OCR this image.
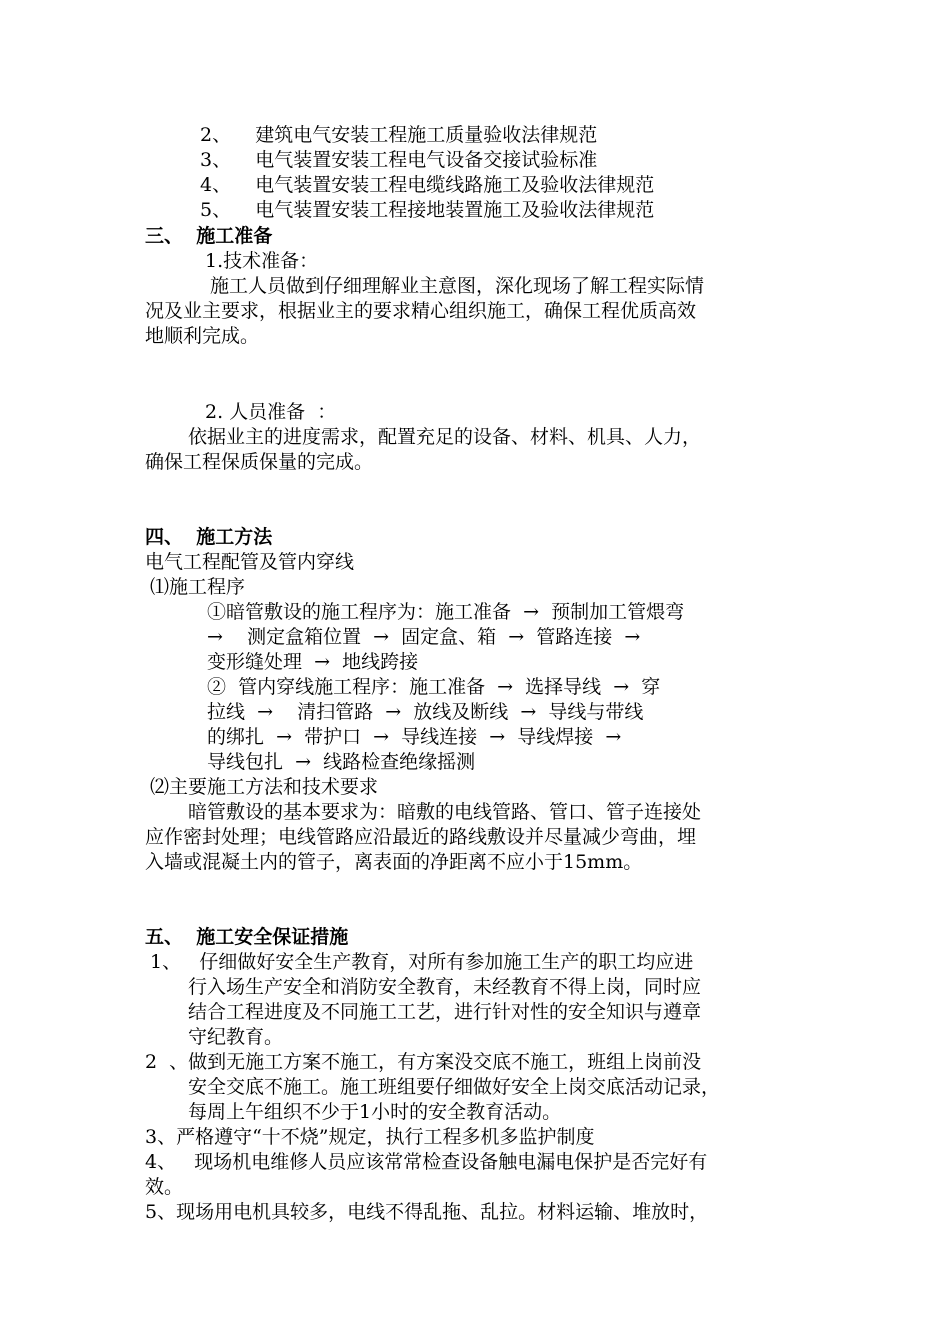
2、    建筑电气安装工程施工质量验收法律规范
3、    电气装置安装工程电气设备交接试验标准
4、    电气装置安装工程电缆线路施工及验收法律规范
5、    电气装置安装工程接地装置施工及验收法律规范
三、  施工准备
1.技术准备：
施工人员做到仔细理解业主意图，深化现场了解工程实际情
况及业主要求，根据业主的要求精心组织施工，确保工程优质高效
地顺利完成。
2. 人员准备  ：
依据业主的进度需求，配置充足的设备、材料、机具、人力，
确保工程保质保量的完成。
四、  施工方法
电气工程配管及管内穿线
⑴施工程序
①暗管敷设的施工程序为：施工准备  →  预制加工管煨弯
→    测定盒箱位置  →  固定盒、箱  →  管路连接  →
变形缝处理  →  地线跨接
②  管内穿线施工程序：施工准备  →  选择导线  →  穿
拉线  →    清扫管路  →  放线及断线  →  导线与带线
的绑扎  →  带护口  →  导线连接  →  导线焊接  →
导线包扎  →  线路检查绝缘摇测
⑵主要施工方法和技术要求
暗管敷设的基本要求为：暗敷的电线管路、管口、管子连接处
应作密封处理；电线管路应沿最近的路线敷设并尽量减少弯曲，埋
入墙或混凝土内的管子，离表面的净距离不应小于15mm。
五、  施工安全保证措施
1、   仔细做好安全生产教育，对所有参加施工生产的职工均应进
行入场生产安全和消防安全教育，未经教育不得上岗，同时应
结合工程进度及不同施工工艺，进行针对性的安全知识与遵章
守纪教育。
2  、做到无施工方案不施工，有方案没交底不施工，班组上岗前没
安全交底不施工。施工班组要仔细做好安全上岗交底活动记录，
每周上午组织不少于1小时的安全教育活动。
3、严格遵守“十不烧”规定，执行工程多机多监护制度
4、   现场机电维修人员应该常常检查设备触电漏电保护是否完好有
效。
5、现场用电机具较多，电线不得乱拖、乱拉。材料运输、堆放时，
